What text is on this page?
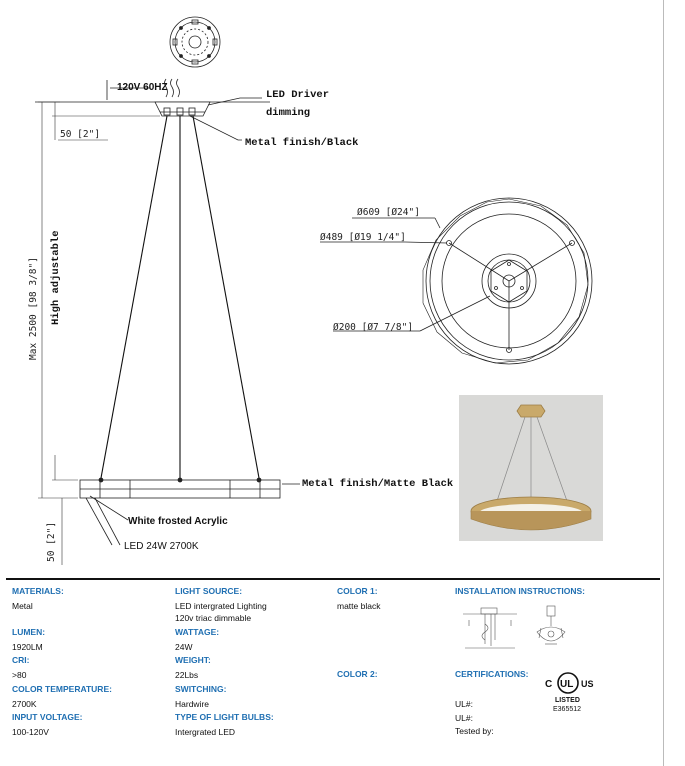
120V 60HZ
LED Driver
dimming
Metal finish/Black
50 [2"]
Max 2500 [98 3/8"] High adjustable
Metal finish/Matte Black
White frosted Acrylic
LED 24W 2700K
50 [2"]
Ø609 [Ø24"]
Ø489 [Ø19 1/4"]
Ø200 [Ø7 7/8"]
MATERIALS:
Metal
LUMEN:
1920LM
CRI:
>80
COLOR TEMPERATURE:
2700K
INPUT VOLTAGE:
100-120V
LIGHT SOURCE:
LED intergrated Lighting
120v triac dimmable
WATTAGE:
24W
WEIGHT:
22Lbs
SWITCHING:
Hardwire
TYPE OF LIGHT BULBS:
Intergrated LED
COLOR 1:
matte black
COLOR 2:
INSTALLATION INSTRUCTIONS:
CERTIFICATIONS:
UL#:
UL#:
Tested by:
C UL US
LISTED
E365512
